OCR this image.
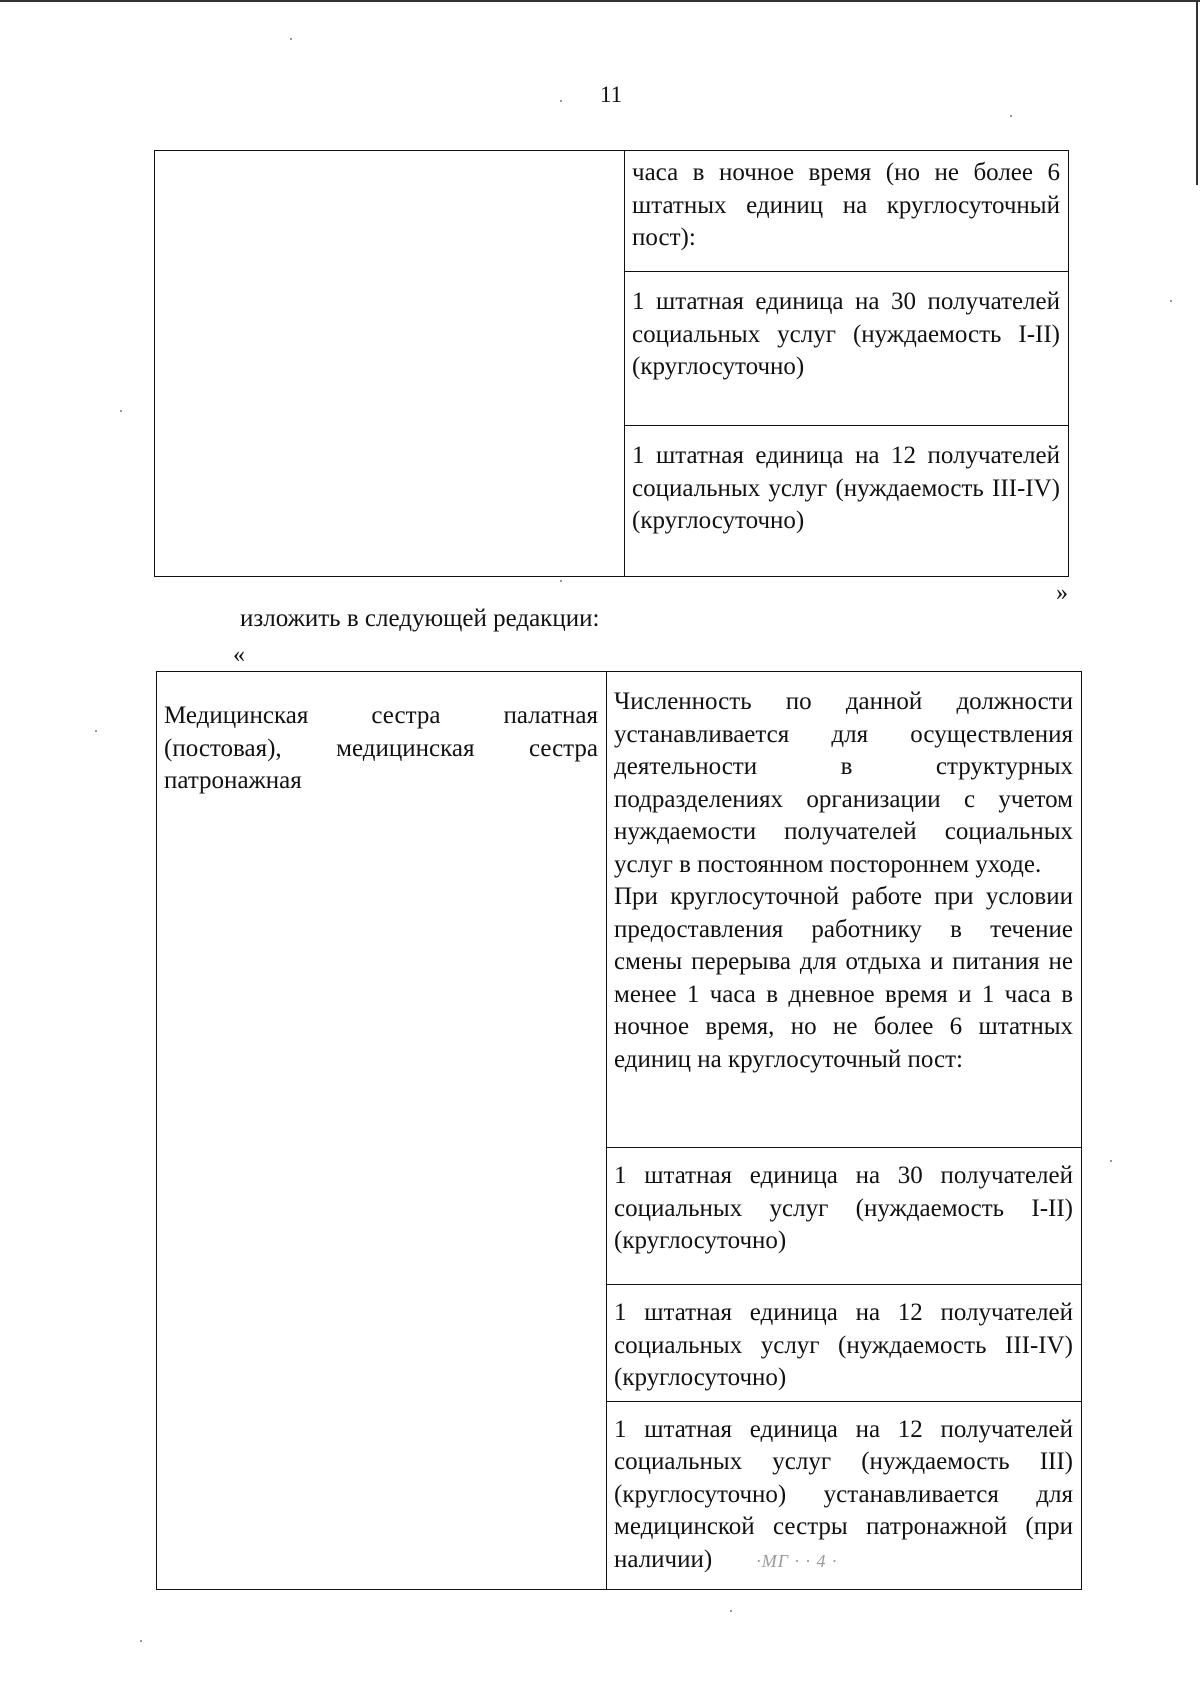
11

часа в ночное время (но не более 6 штатных единиц на круглосуточный пост):

1 штатная единица на 30 получателей социальных услуг (нуждаемость I-II) (круглосуточно)

1 штатная единица на 12 получателей социальных услуг (нуждаемость III-IV) (круглосуточно)
»
изложить в следующей редакции:
«
Медицинская сестра палатная (постовая), медицинская сестра патронажная

Численность по данной должности устанавливается для осуществления деятельности в структурных подразделениях организации с учетом нуждаемости получателей социальных услуг в постоянном постороннем уходе.
При круглосуточной работе при условии предоставления работнику в течение смены перерыва для отдыха и питания не менее 1 часа в дневное время и 1 часа в ночное время, но не более 6 штатных единиц на круглосуточный пост:

1 штатная единица на 30 получателей социальных услуг (нуждаемость I-II) (круглосуточно)

1 штатная единица на 12 получателей социальных услуг (нуждаемость III-IV) (круглосуточно)

1 штатная единица на 12 получателей социальных услуг (нуждаемость III) (круглосуточно) устанавливается для медицинской сестры патронажной (при наличии) ·МГ · · 4 ·
